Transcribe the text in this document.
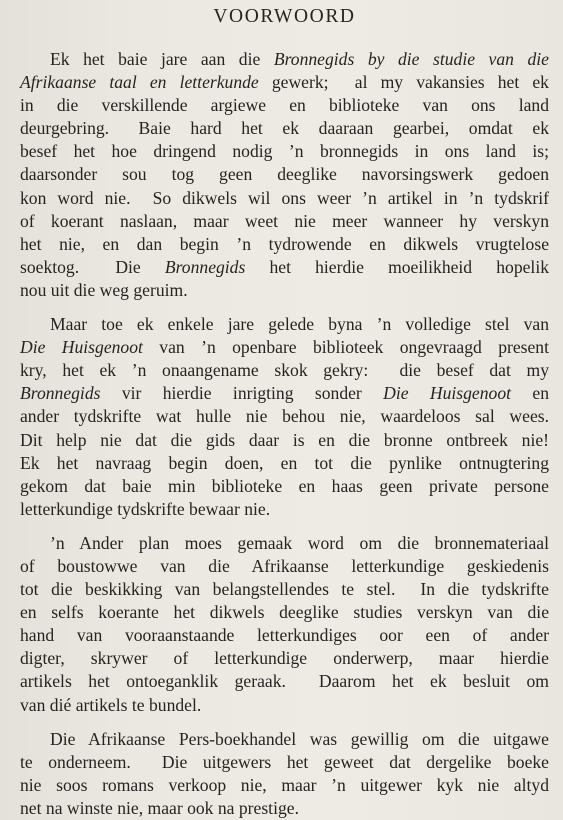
VOORWOORD

Ek het baie jare aan die Bronnegids by die studie van die
Afrikaanse taal en letterkunde gewerk;  al my vakansies het ek
in  die  verskillende  argiewe  en  biblioteke  van  ons  land
deurgebring.   Baie  hard  het  ek  daaraan  gearbei,  omdat  ek
besef het hoe dringend nodig ’n bronnegids in ons land is;
daarsonder  sou  tog  geen  deeglike  navorsingswerk  gedoen
kon word nie.  So dikwels wil ons weer ’n artikel in ’n tydskrif
of koerant naslaan, maar weet nie meer wanneer hy verskyn
het nie, en dan begin ’n tydrowende en dikwels vrugtelose
soektog.   Die  Bronnegids  het  hierdie  moeilikheid  hopelik
nou uit die weg geruim.

Maar toe ek enkele jare gelede byna ’n volledige stel van
Die Huisgenoot van ’n openbare biblioteek ongevraagd present
kry, het ek ’n onaangename skok gekry:  die besef dat my
Bronnegids vir hierdie inrigting sonder Die Huisgenoot en
ander tydskrifte wat hulle nie behou nie, waardeloos sal wees.
Dit help nie dat die gids daar is en die bronne ontbreek nie!
Ek het navraag begin doen, en tot die pynlike ontnugtering
gekom dat baie min biblioteke en haas geen private persone
letterkundige tydskrifte bewaar nie.

’n Ander plan moes gemaak word om die bronnemateriaal
of boustowwe van die Afrikaanse letterkundige geskiedenis
tot die beskikking van belangstellendes te stel.  In die tydskrifte
en selfs koerante het dikwels deeglike studies verskyn van die
hand van vooraanstaande letterkundiges oor een of ander
digter, skrywer of letterkundige onderwerp, maar hierdie
artikels het ontoeganklik geraak.  Daarom het ek besluit om
van dié artikels te bundel.

Die Afrikaanse Pers-boekhandel was gewillig om die uitgawe
te onderneem.  Die uitgewers het geweet dat dergelike boeke
nie soos romans verkoop nie, maar ’n uitgewer kyk nie altyd
net na winste nie, maar ook na prestige.
